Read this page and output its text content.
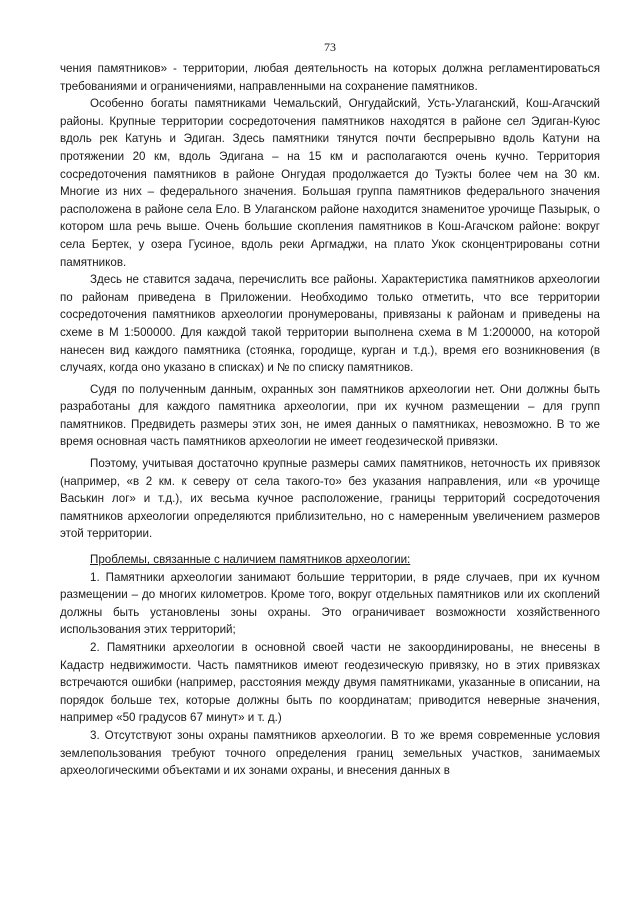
73

чения памятников» - территории, любая деятельность на которых должна регламентироваться требованиями и ограничениями, направленными на сохранение памятников.

Особенно богаты памятниками Чемальский, Онгудайский, Усть-Улаганский, Кош-Агачский районы. Крупные территории сосредоточения памятников находятся в районе сел Эдиган-Куюс вдоль рек Катунь и Эдиган. Здесь памятники тянутся почти беспрерывно вдоль Катуни на протяжении 20 км, вдоль Эдигана – на 15 км и располагаются очень кучно. Территория сосредоточения памятников в районе Онгудая продолжается до Туэкты более чем на 30 км. Многие из них – федерального значения. Большая группа памятников федерального значения расположена в районе села Ело. В Улаганском районе находится знаменитое урочище Пазырык, о котором шла речь выше. Очень большие скопления памятников в Кош-Агачском районе: вокруг села Бертек, у озера Гусиное, вдоль реки Аргмаджи, на плато Укок сконцентрированы сотни памятников.

Здесь не ставится задача, перечислить все районы. Характеристика памятников археологии по районам приведена в Приложении. Необходимо только отметить, что все территории сосредоточения памятников археологии пронумерованы, привязаны к районам и приведены на схеме в М 1:500000. Для каждой такой территории выполнена схема в М 1:200000, на которой нанесен вид каждого памятника (стоянка, городище, курган и т.д.), время его возникновения (в случаях, когда оно указано в списках) и № по списку памятников.

Судя по полученным данным, охранных зон памятников археологии нет. Они должны быть разработаны для каждого памятника археологии, при их кучном размещении – для групп памятников. Предвидеть размеры этих зон, не имея данных о памятниках, невозможно. В то же время основная часть памятников археологии не имеет геодезической привязки.

Поэтому, учитывая достаточно крупные размеры самих памятников, неточность их привязок (например, «в 2 км. к северу от села такого-то» без указания направления, или «в урочище Васькин лог» и т.д.), их весьма кучное расположение, границы территорий сосредоточения памятников археологии определяются приблизительно, но с намеренным увеличением размеров этой территории.

Проблемы, связанные с наличием памятников археологии:

1. Памятники археологии занимают большие территории, в ряде случаев, при их кучном размещении – до многих километров. Кроме того, вокруг отдельных памятников или их скоплений должны быть установлены зоны охраны. Это ограничивает возможности хозяйственного использования этих территорий;

2. Памятники археологии в основной своей части не закоординированы, не внесены в Кадастр недвижимости. Часть памятников имеют геодезическую привязку, но в этих привязках встречаются ошибки (например, расстояния между двумя памятниками, указанные в описании, на порядок больше тех, которые должны быть по координатам; приводится неверные значения, например «50 градусов 67 минут» и т. д.)

3. Отсутствуют зоны охраны памятников археологии. В то же время современные условия землепользования требуют точного определения границ земельных участков, занимаемых археологическими объектами и их зонами охраны, и внесения данных в
